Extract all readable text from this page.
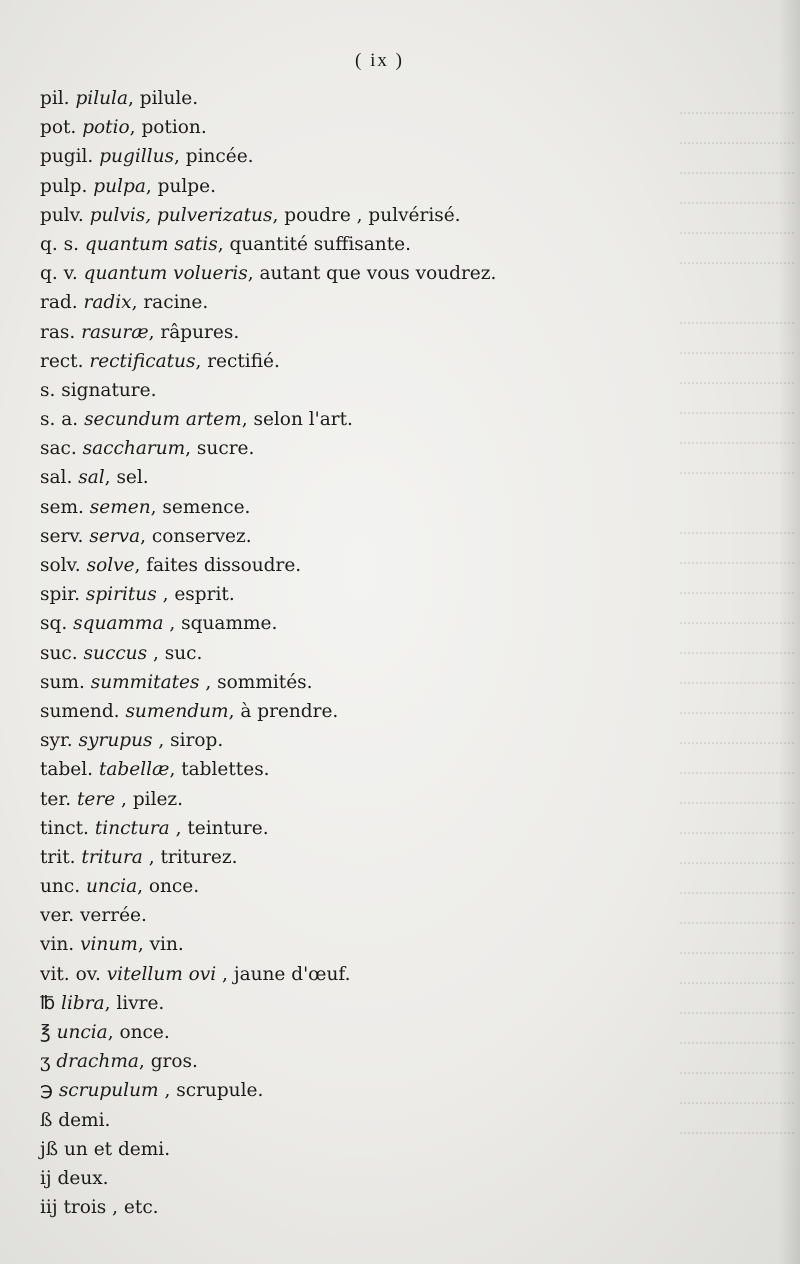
.............................
.............................
.............................
.............................
.............................
.............................

.............................
.............................
.............................
.............................
.............................
.............................

.............................
.............................
.............................
.............................
.............................
.............................
.............................
.............................
.............................
.............................
.............................
.............................
.............................
.............................
.............................
.............................
.............................
.............................
.............................
.............................
.............................
( ix )
pil. pilula, pilule.
pot. potio, potion.
pugil. pugillus, pincée.
pulp. pulpa, pulpe.
pulv. pulvis, pulverizatus, poudre , pulvérisé.
q. s. quantum satis, quantité suffisante.
q. v. quantum volueris, autant que vous voudrez.
rad. radix, racine.
ras. rasuræ, râpures.
rect. rectificatus, rectifié.
s. signature.
s. a. secundum artem, selon l'art.
sac. saccharum, sucre.
sal. sal, sel.
sem. semen, semence.
serv. serva, conservez.
solv. solve, faites dissoudre.
spir. spiritus , esprit.
sq. squamma , squamme.
suc. succus , suc.
sum. summitates , sommités.
sumend. sumendum, à prendre.
syr. syrupus , sirop.
tabel. tabellæ, tablettes.
ter. tere , pilez.
tinct. tinctura , teinture.
trit. tritura , triturez.
unc. uncia, once.
ver. verrée.
vin. vinum, vin.
vit. ov. vitellum ovi , jaune d'œuf.
℔ libra, livre.
℥ uncia, once.
ʒ drachma, gros.
℈ scrupulum , scrupule.
ß demi.
jß un et demi.
ij deux.
iij trois , etc.
